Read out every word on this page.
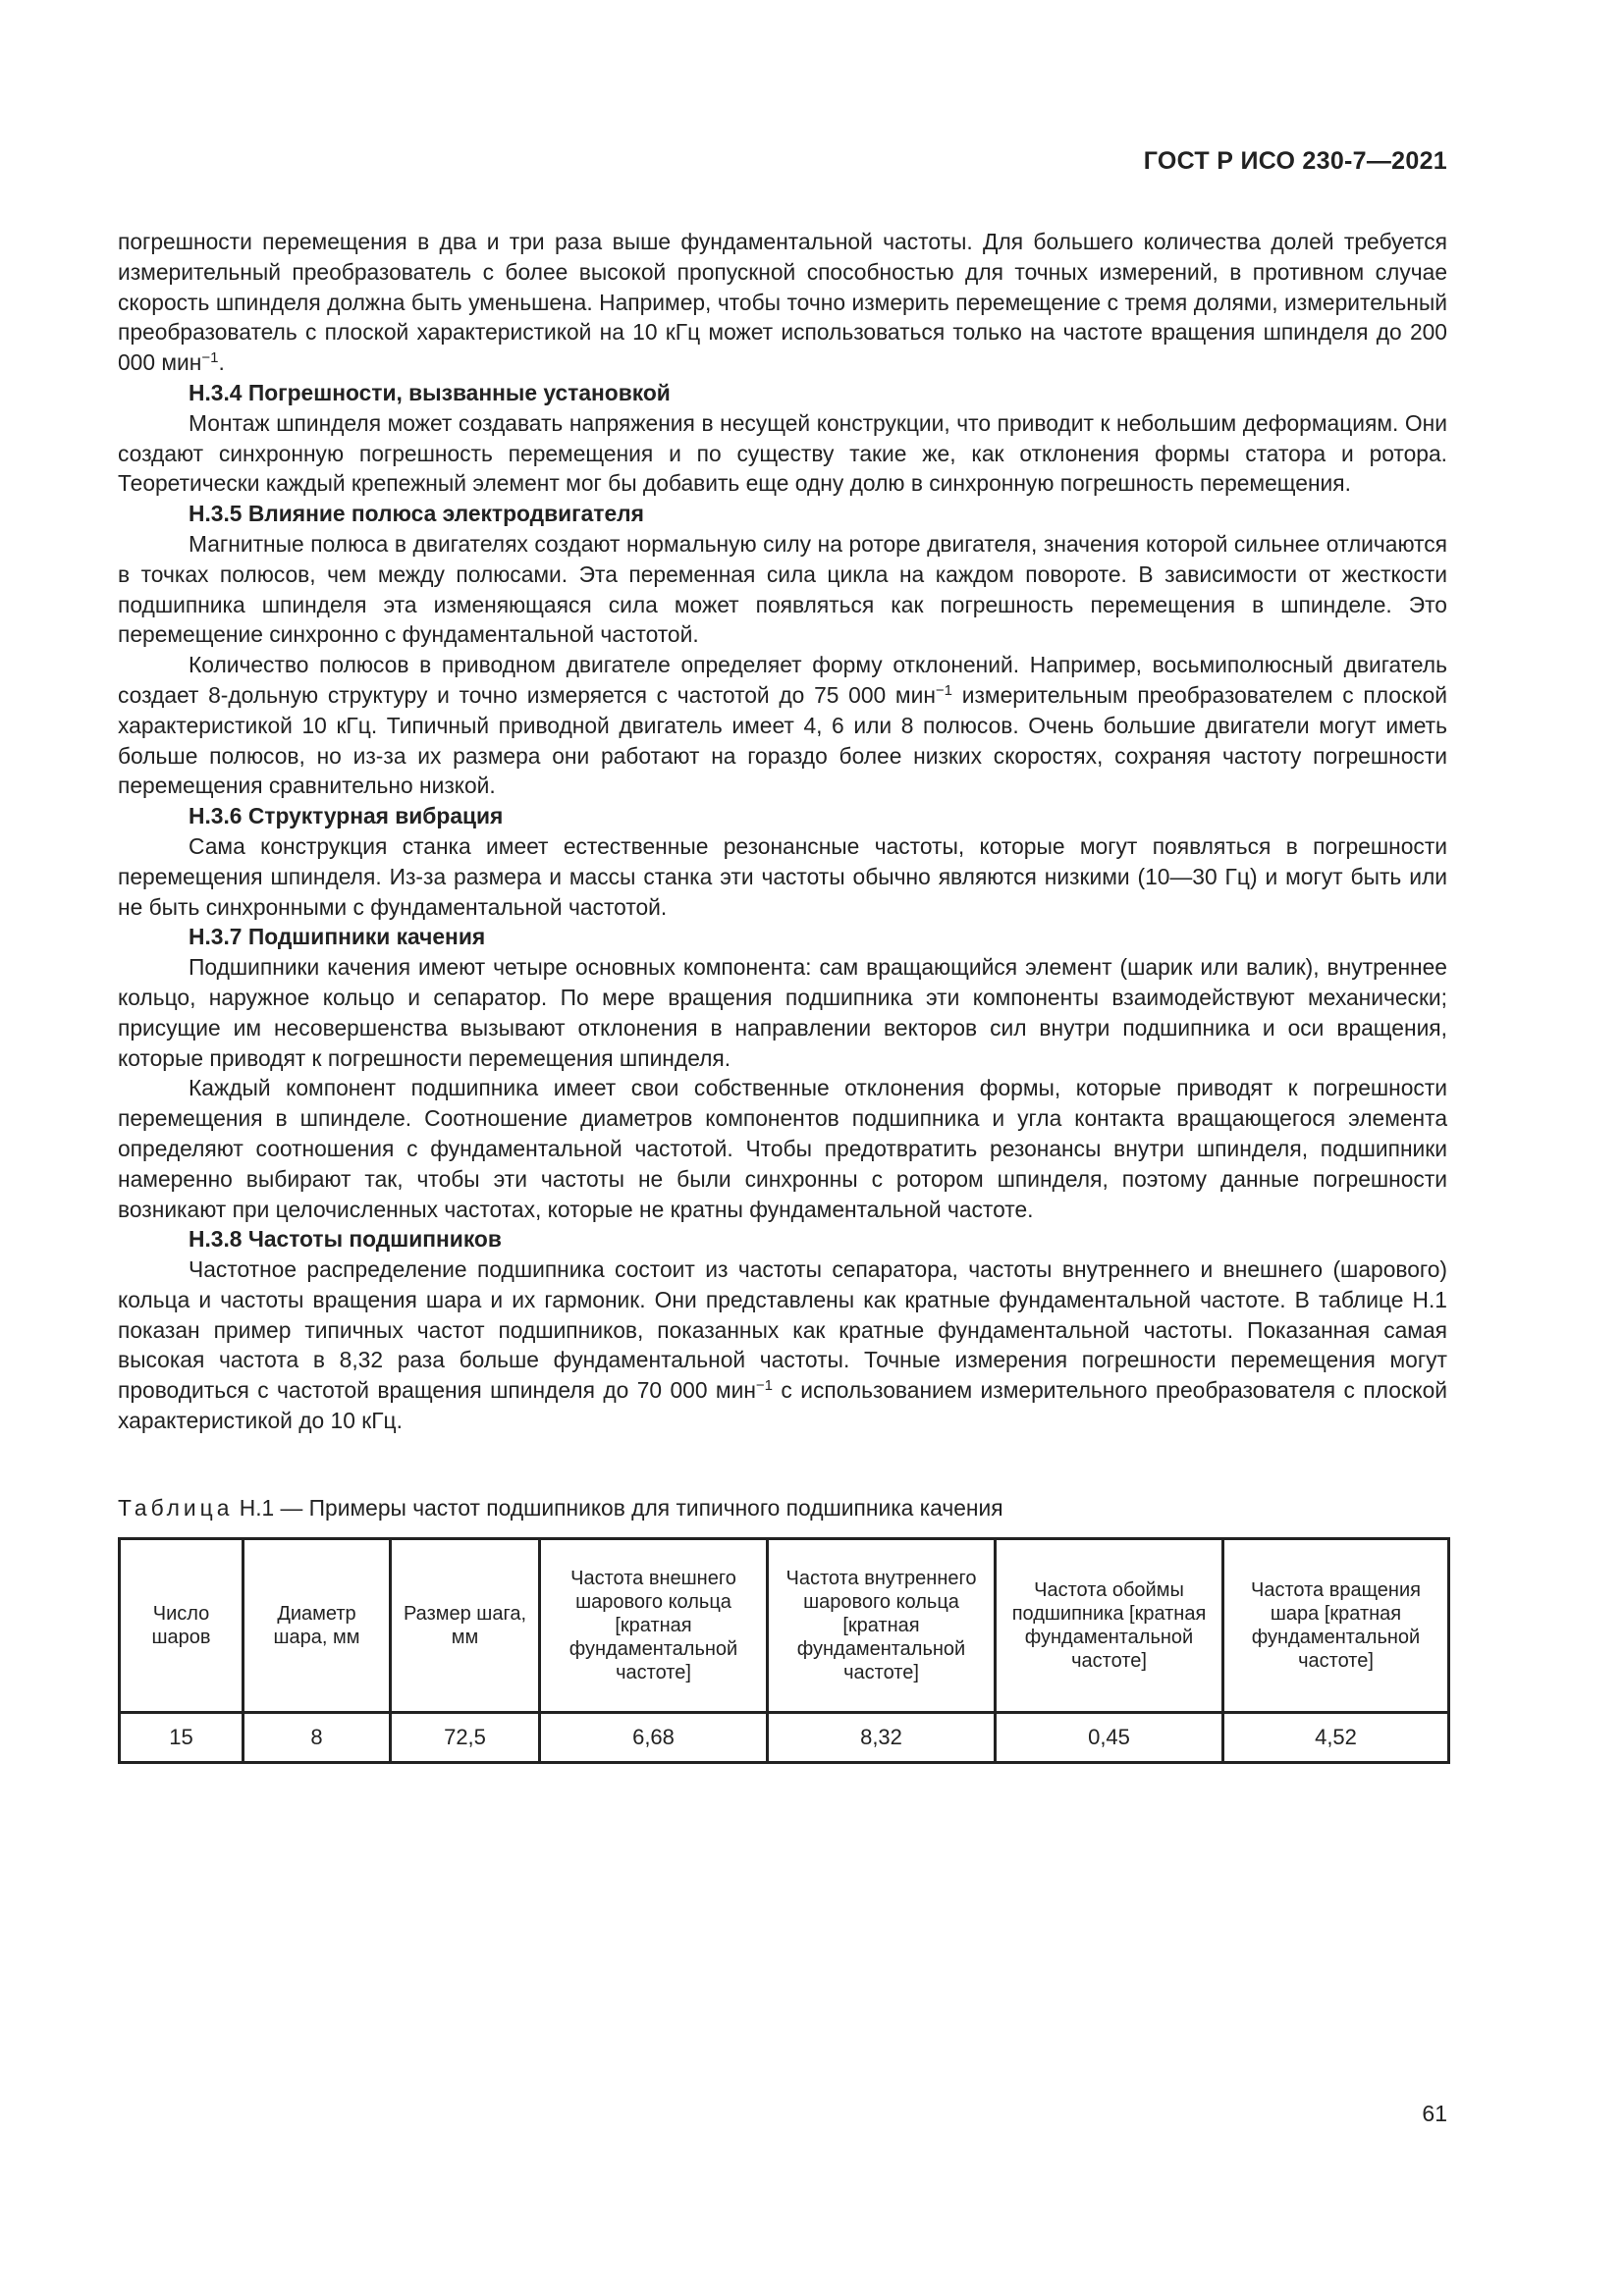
ГОСТ Р ИСО 230-7—2021

погрешности перемещения в два и три раза выше фундаментальной частоты. Для большего количества долей требуется измерительный преобразователь с более высокой пропускной способностью для точных измерений, в противном случае скорость шпинделя должна быть уменьшена. Например, чтобы точно измерить перемещение с тремя долями, измерительный преобразователь с плоской характеристикой на 10 кГц может использоваться только на частоте вращения шпинделя до 200 000 мин$^{-1}$.

Н.3.4 Погрешности, вызванные установкой

Монтаж шпинделя может создавать напряжения в несущей конструкции, что приводит к небольшим деформациям. Они создают синхронную погрешность перемещения и по существу такие же, как отклонения формы статора и ротора. Теоретически каждый крепежный элемент мог бы добавить еще одну долю в синхронную погрешность перемещения.

Н.3.5 Влияние полюса электродвигателя

Магнитные полюса в двигателях создают нормальную силу на роторе двигателя, значения которой сильнее отличаются в точках полюсов, чем между полюсами. Эта переменная сила цикла на каждом повороте. В зависимости от жесткости подшипника шпинделя эта изменяющаяся сила может появляться как погрешность перемещения в шпинделе. Это перемещение синхронно с фундаментальной частотой.

Количество полюсов в приводном двигателе определяет форму отклонений. Например, восьмиполюсный двигатель создает 8-дольную структуру и точно измеряется с частотой до 75 000 мин$^{-1}$ измерительным преобразователем с плоской характеристикой 10 кГц. Типичный приводной двигатель имеет 4, 6 или 8 полюсов. Очень большие двигатели могут иметь больше полюсов, но из-за их размера они работают на гораздо более низких скоростях, сохраняя частоту погрешности перемещения сравнительно низкой.

Н.3.6 Структурная вибрация

Сама конструкция станка имеет естественные резонансные частоты, которые могут появляться в погрешности перемещения шпинделя. Из-за размера и массы станка эти частоты обычно являются низкими (10—30 Гц) и могут быть или не быть синхронными с фундаментальной частотой.

Н.3.7 Подшипники качения

Подшипники качения имеют четыре основных компонента: сам вращающийся элемент (шарик или валик), внутреннее кольцо, наружное кольцо и сепаратор. По мере вращения подшипника эти компоненты взаимодействуют механически; присущие им несовершенства вызывают отклонения в направлении векторов сил внутри подшипника и оси вращения, которые приводят к погрешности перемещения шпинделя.

Каждый компонент подшипника имеет свои собственные отклонения формы, которые приводят к погрешности перемещения в шпинделе. Соотношение диаметров компонентов подшипника и угла контакта вращающегося элемента определяют соотношения с фундаментальной частотой. Чтобы предотвратить резонансы внутри шпинделя, подшипники намеренно выбирают так, чтобы эти частоты не были синхронны с ротором шпинделя, поэтому данные погрешности возникают при целочисленных частотах, которые не кратны фундаментальной частоте.

Н.3.8 Частоты подшипников

Частотное распределение подшипника состоит из частоты сепаратора, частоты внутреннего и внешнего (шарового) кольца и частоты вращения шара и их гармоник. Они представлены как кратные фундаментальной частоте. В таблице Н.1 показан пример типичных частот подшипников, показанных как кратные фундаментальной частоты. Показанная самая высокая частота в 8,32 раза больше фундаментальной частоты. Точные измерения погрешности перемещения могут проводиться с частотой вращения шпинделя до 70 000 мин$^{-1}$ с использованием измерительного преобразователя с плоской характеристикой до 10 кГц.

Таблица Н.1 — Примеры частот подшипников для типичного подшипника качения
Число шаров	Диаметр шара, мм	Размер шага, мм	Частота внешнего шарового кольца [кратная фундаментальной частоте]	Частота внутреннего шарового кольца [кратная фундаментальной частоте]	Частота обоймы подшипника [кратная фундаментальной частоте]	Частота вращения шара [кратная фундаментальной частоте]
15	8	72,5	6,68	8,32	0,45	4,52
61
